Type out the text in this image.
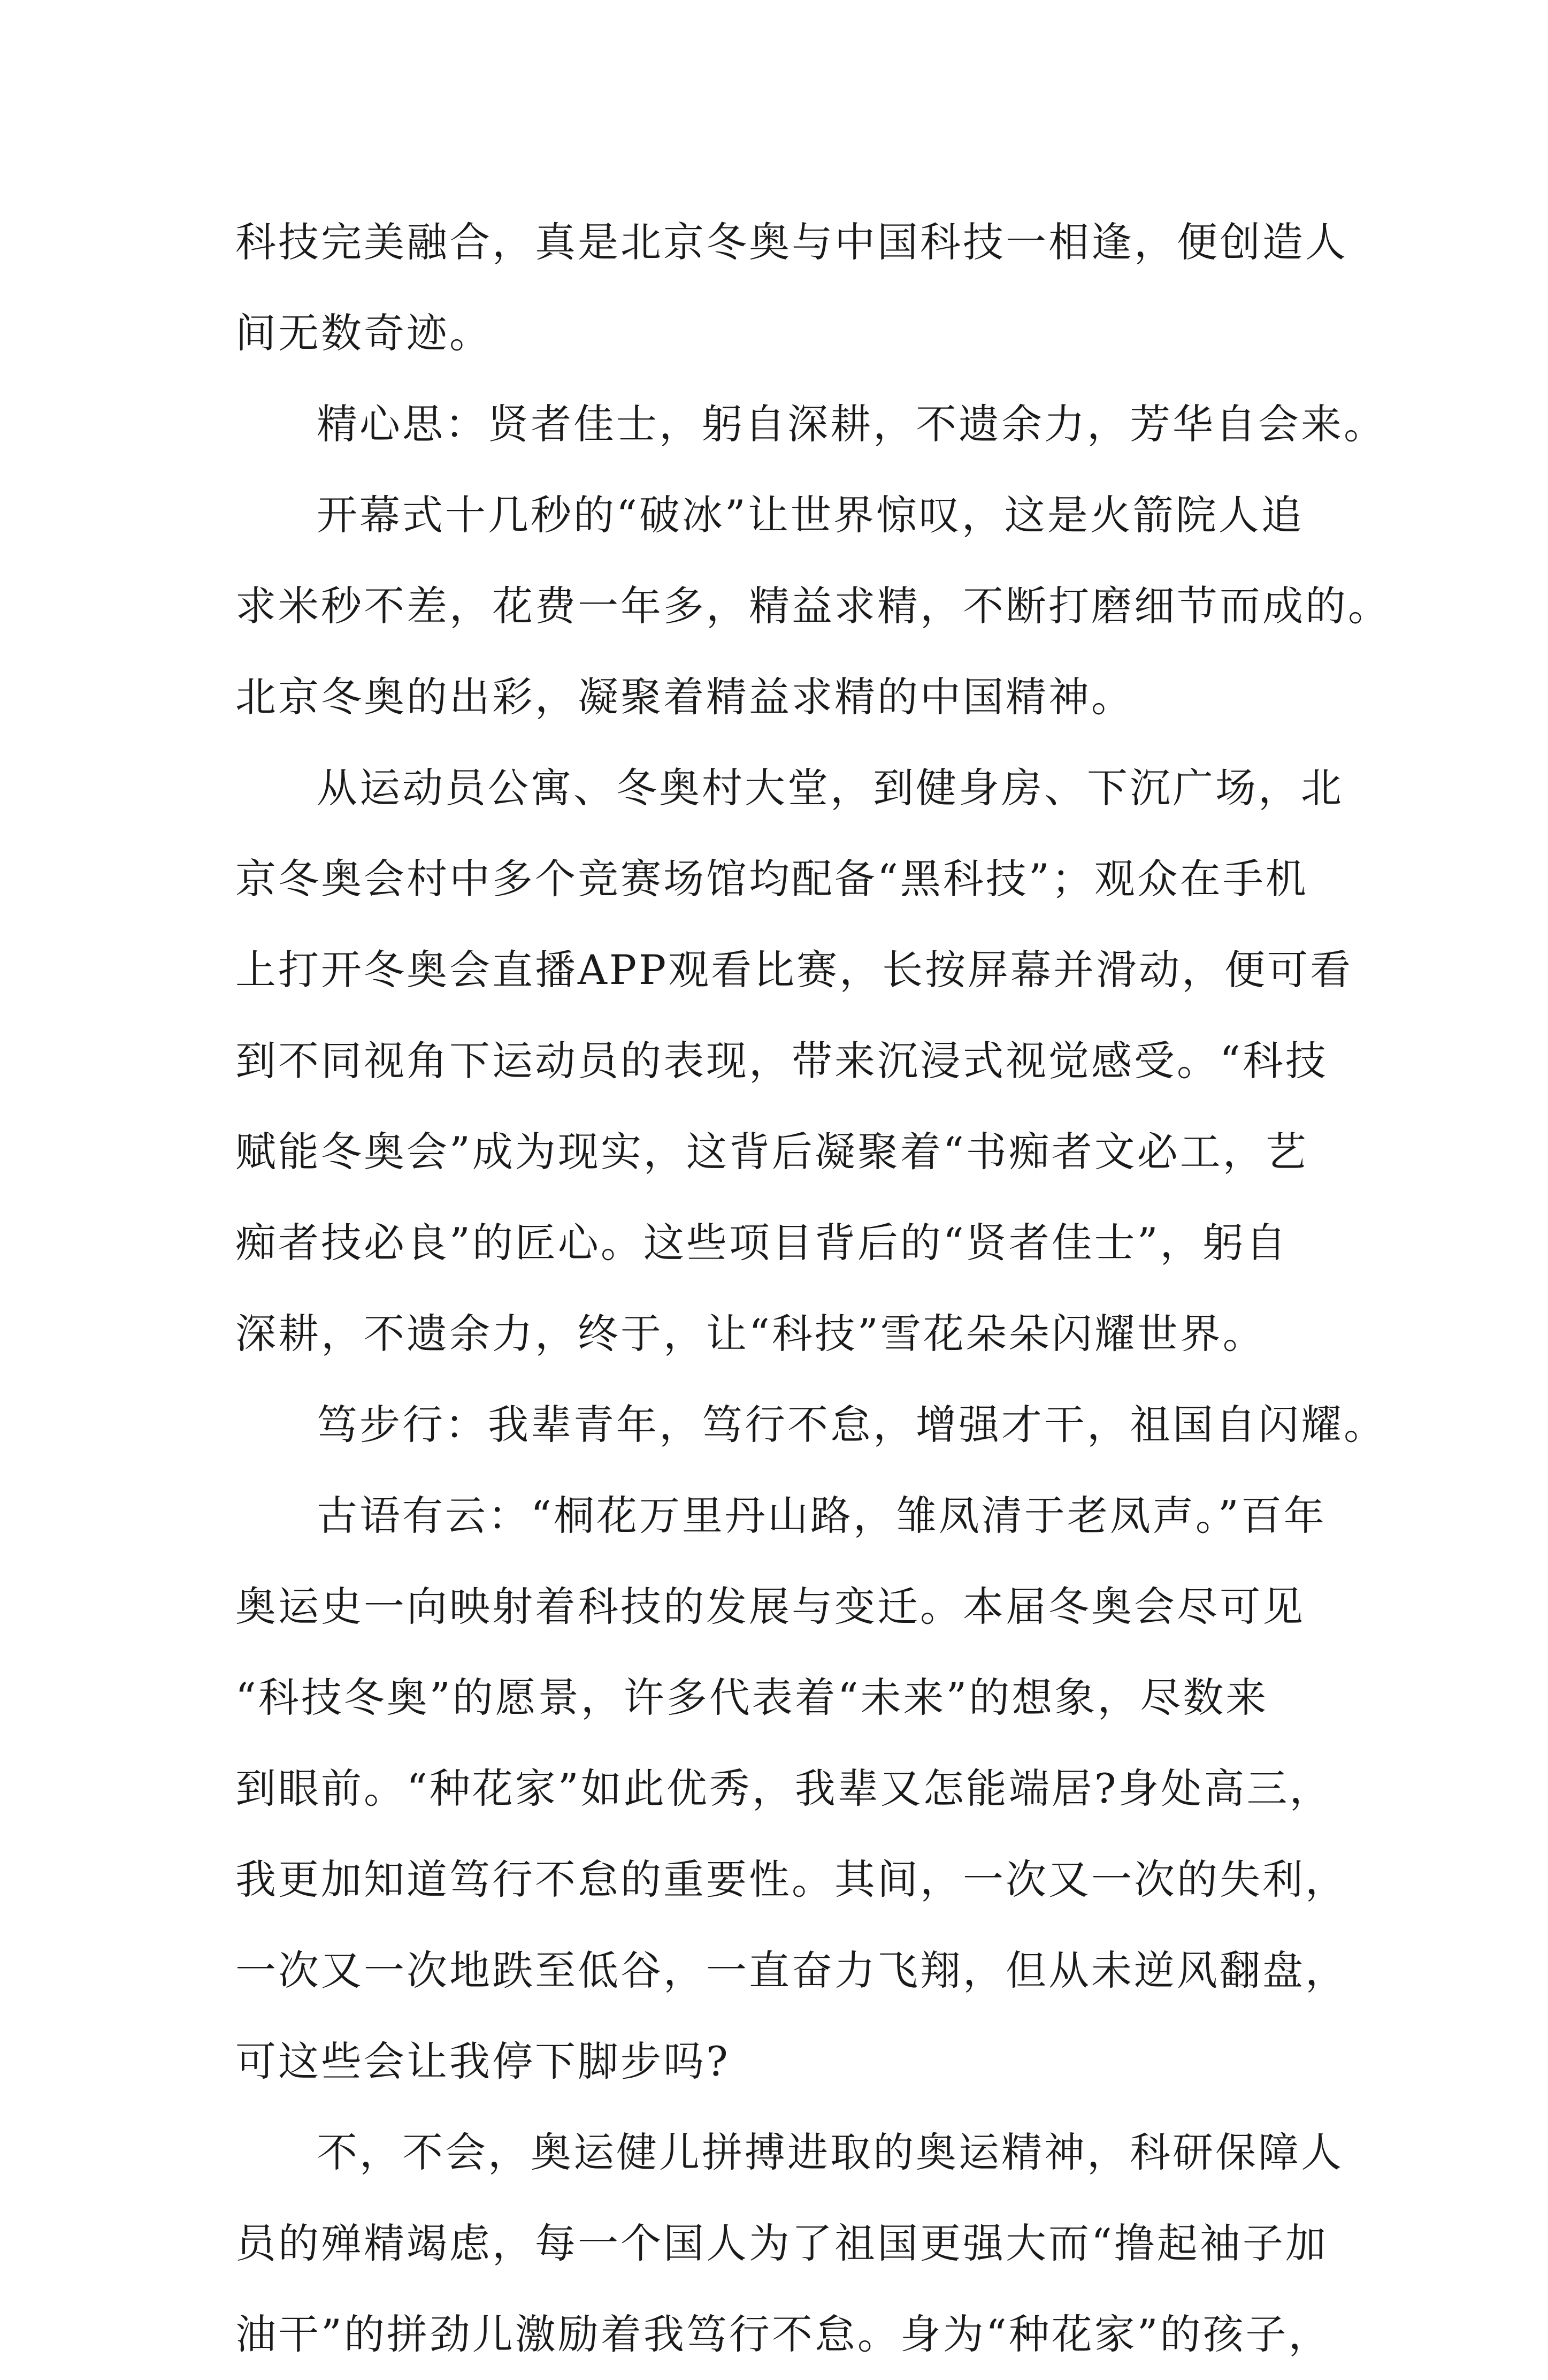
科技完美融合，真是北京冬奥与中国科技一相逢，便创造人
间无数奇迹。
精心思：贤者佳士，躬自深耕，不遗余力，芳华自会来。
开幕式十几秒的“破冰”让世界惊叹，这是火箭院人追
求米秒不差，花费一年多，精益求精，不断打磨细节而成的。
北京冬奥的出彩，凝聚着精益求精的中国精神。
从运动员公寓、冬奥村大堂，到健身房、下沉广场，北
京冬奥会村中多个竞赛场馆均配备“黑科技”；观众在手机
上打开冬奥会直播APP观看比赛，长按屏幕并滑动，便可看
到不同视角下运动员的表现，带来沉浸式视觉感受。“科技
赋能冬奥会”成为现实，这背后凝聚着“书痴者文必工，艺
痴者技必良”的匠心。这些项目背后的“贤者佳士”，躬自
深耕，不遗余力，终于，让“科技”雪花朵朵闪耀世界。
笃步行：我辈青年，笃行不怠，增强才干，祖国自闪耀。
古语有云：“桐花万里丹山路，雏凤清于老凤声。”百年
奥运史一向映射着科技的发展与变迁。本届冬奥会尽可见
“科技冬奥”的愿景，许多代表着“未来”的想象，尽数来
到眼前。“种花家”如此优秀，我辈又怎能端居?身处高三，
我更加知道笃行不怠的重要性。其间，一次又一次的失利，
一次又一次地跌至低谷，一直奋力飞翔，但从未逆风翻盘，
可这些会让我停下脚步吗?
不，不会，奥运健儿拼搏进取的奥运精神，科研保障人
员的殚精竭虑，每一个国人为了祖国更强大而“撸起袖子加
油干”的拼劲儿激励着我笃行不怠。身为“种花家”的孩子，
